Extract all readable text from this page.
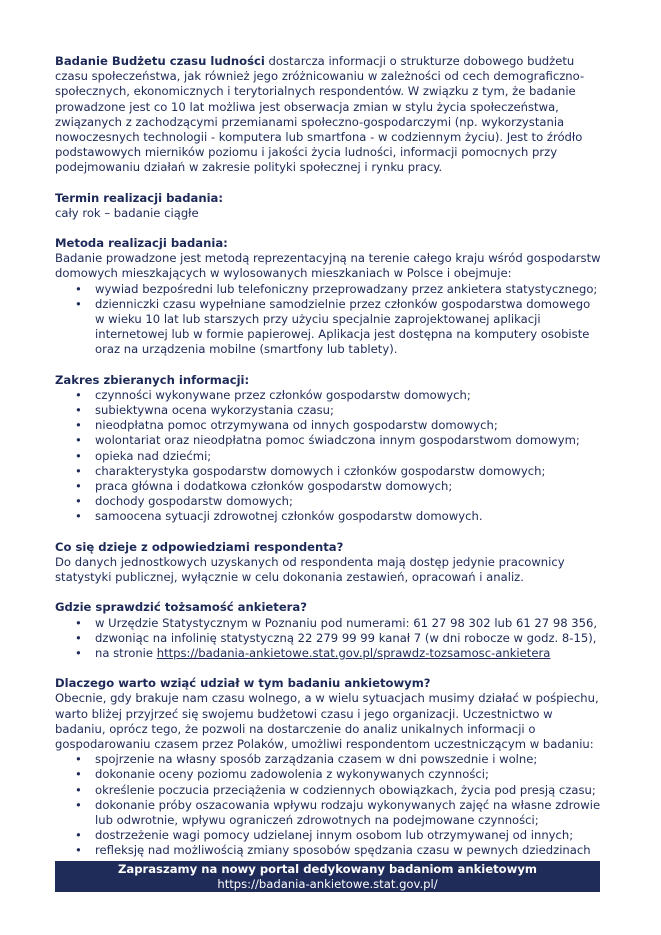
Badanie Budżetu czasu ludności dostarcza informacji o strukturze dobowego budżetu czasu społeczeństwa, jak również jego zróżnicowaniu w zależności od cech demograficzno-społecznych, ekonomicznych i terytorialnych respondentów. W związku z tym, że badanie prowadzone jest co 10 lat możliwa jest obserwacja zmian w stylu życia społeczeństwa, związanych z zachodzącymi przemianami społeczno-gospodarczymi (np. wykorzystania nowoczesnych technologii - komputera lub smartfona - w codziennym życiu). Jest to źródło podstawowych mierników poziomu i jakości życia ludności, informacji pomocnych przy podejmowaniu działań w zakresie polityki społecznej i rynku pracy.

Termin realizacji badania:

cały rok – badanie ciągłe

Metoda realizacji badania:

Badanie prowadzone jest metodą reprezentacyjną na terenie całego kraju wśród gospodarstw domowych mieszkających w wylosowanych mieszkaniach w Polsce i obejmuje:

• wywiad bezpośredni lub telefoniczny przeprowadzany przez ankietera statystycznego;
• dzienniczki czasu wypełniane samodzielnie przez członków gospodarstwa domowego w wieku 10 lat lub starszych przy użyciu specjalnie zaprojektowanej aplikacji internetowej lub w formie papierowej. Aplikacja jest dostępna na komputery osobiste oraz na urządzenia mobilne (smartfony lub tablety).
Zakres zbieranych informacji:
• czynności wykonywane przez członków gospodarstw domowych;
• subiektywna ocena wykorzystania czasu;
• nieodpłatna pomoc otrzymywana od innych gospodarstw domowych;
• wolontariat oraz nieodpłatna pomoc świadczona innym gospodarstwom domowym;
• opieka nad dziećmi;
• charakterystyka gospodarstw domowych i członków gospodarstw domowych;
• praca główna i dodatkowa członków gospodarstw domowych;
• dochody gospodarstw domowych;
• samoocena sytuacji zdrowotnej członków gospodarstw domowych.
Co się dzieje z odpowiedziami respondenta?

Do danych jednostkowych uzyskanych od respondenta mają dostęp jedynie pracownicy statystyki publicznej, wyłącznie w celu dokonania zestawień, opracowań i analiz.

Gdzie sprawdzić tożsamość ankietera?
• w Urzędzie Statystycznym w Poznaniu pod numerami: 61 27 98 302 lub 61 27 98 356,
• dzwoniąc na infolinię statystyczną 22 279 99 99 kanał 7 (w dni robocze w godz. 8-15),
• na stronie https://badania-ankietowe.stat.gov.pl/sprawdz-tozsamosc-ankietera
Dlaczego warto wziąć udział w tym badaniu ankietowym?

Obecnie, gdy brakuje nam czasu wolnego, a w wielu sytuacjach musimy działać w pośpiechu, warto bliżej przyjrzeć się swojemu budżetowi czasu i jego organizacji. Uczestnictwo w badaniu, oprócz tego, że pozwoli na dostarczenie do analiz unikalnych informacji o gospodarowaniu czasem przez Polaków, umożliwi respondentom uczestniczącym w badaniu:

• spojrzenie na własny sposób zarządzania czasem w dni powszednie i wolne;
• dokonanie oceny poziomu zadowolenia z wykonywanych czynności;
• określenie poczucia przeciążenia w codziennych obowiązkach, życia pod presją czasu;
• dokonanie próby oszacowania wpływu rodzaju wykonywanych zajęć na własne zdrowie lub odwrotnie, wpływu ograniczeń zdrowotnych na podejmowane czynności;
• dostrzeżenie wagi pomocy udzielanej innym osobom lub otrzymywanej od innych;
• refleksję nad możliwością zmiany sposobów spędzania czasu w pewnych dziedzinach
Zapraszamy na nowy portal dedykowany badaniom ankietowym
https://badania-ankietowe.stat.gov.pl/
